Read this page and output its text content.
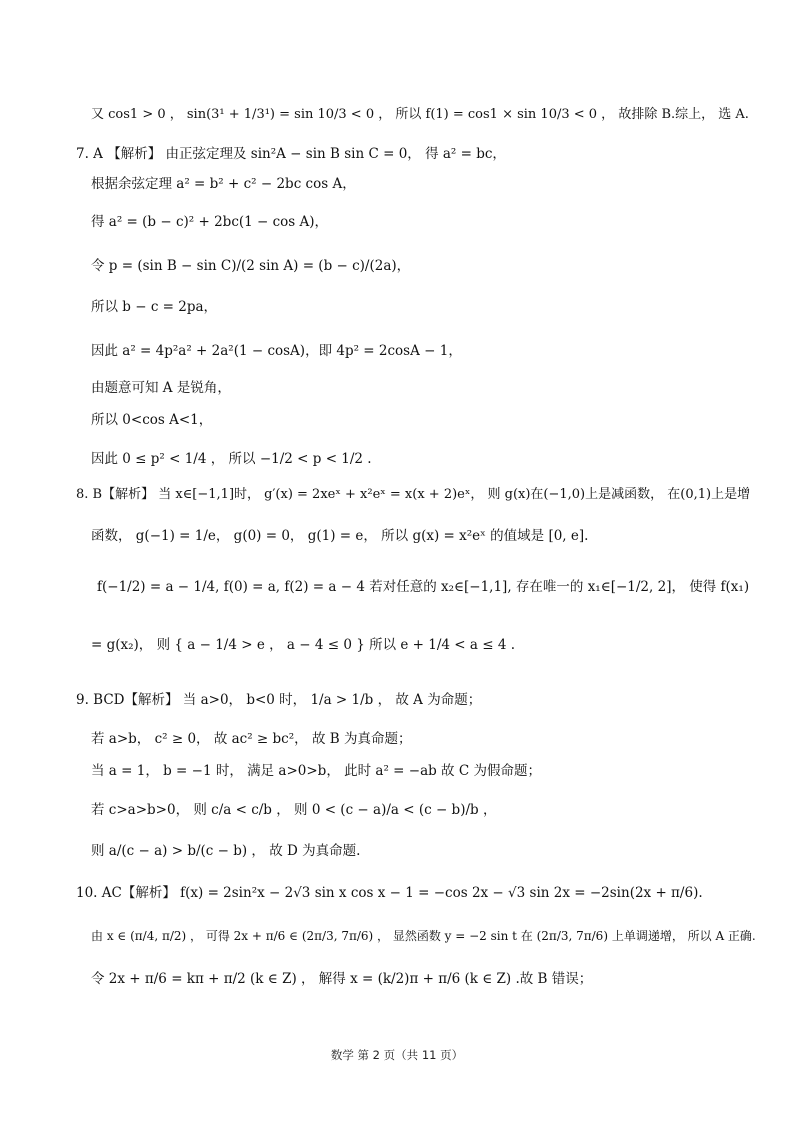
又 cos1 > 0 ， sin(3¹ + 1/3¹) = sin 10/3 < 0 ， 所以 f(1) = cos1 × sin 10/3 < 0 ， 故排除 B.综上， 选 A.
7. A 【解析】 由正弦定理及 sin²A − sin B sin C = 0， 得 a² = bc，
根据余弦定理 a² = b² + c² − 2bc cos A，
得 a² = (b − c)² + 2bc(1 − cos A)，
令 p = (sin B − sin C)/(2 sin A) = (b − c)/(2a)，
所以 b − c = 2pa，
因此 a² = 4p²a² + 2a²(1 − cosA)，即 4p² = 2cosA − 1，
由题意可知 A 是锐角，
所以 0<cos A<1，
因此 0 ≤ p² < 1/4 ， 所以 −1/2 < p < 1/2 .
8. B【解析】 当 x∈[−1,1]时， g′(x) = 2xeˣ + x²eˣ = x(x + 2)eˣ， 则 g(x)在(−1,0)上是减函数， 在(0,1)上是增
函数， g(−1) = 1/e， g(0) = 0， g(1) = e， 所以 g(x) = x²eˣ 的值域是 [0, e].
f(−1/2) = a − 1/4, f(0) = a, f(2) = a − 4 若对任意的 x₂∈[−1,1], 存在唯一的 x₁∈[−1/2, 2]， 使得 f(x₁)
= g(x₂)， 则 { a − 1/4 > e ， a − 4 ≤ 0 } 所以 e + 1/4 < a ≤ 4 .
9. BCD【解析】 当 a>0， b<0 时， 1/a > 1/b ， 故 A 为命题；
若 a>b， c² ≥ 0， 故 ac² ≥ bc²， 故 B 为真命题；
当 a = 1， b = −1 时， 满足 a>0>b， 此时 a² = −ab 故 C 为假命题；
若 c>a>b>0， 则 c/a < c/b ， 则 0 < (c − a)/a < (c − b)/b ，
则 a/(c − a) > b/(c − b) ， 故 D 为真命题.
10. AC【解析】 f(x) = 2sin²x − 2√3 sin x cos x − 1 = −cos 2x − √3 sin 2x = −2sin(2x + π/6).
由 x ∈ (π/4, π/2) ， 可得 2x + π/6 ∈ (2π/3, 7π/6) ， 显然函数 y = −2 sin t 在 (2π/3, 7π/6) 上单调递增， 所以 A 正确.
令 2x + π/6 = kπ + π/2 (k ∈ Z) ， 解得 x = (k/2)π + π/6 (k ∈ Z) .故 B 错误；
数学 第 2 页（共 11 页）
